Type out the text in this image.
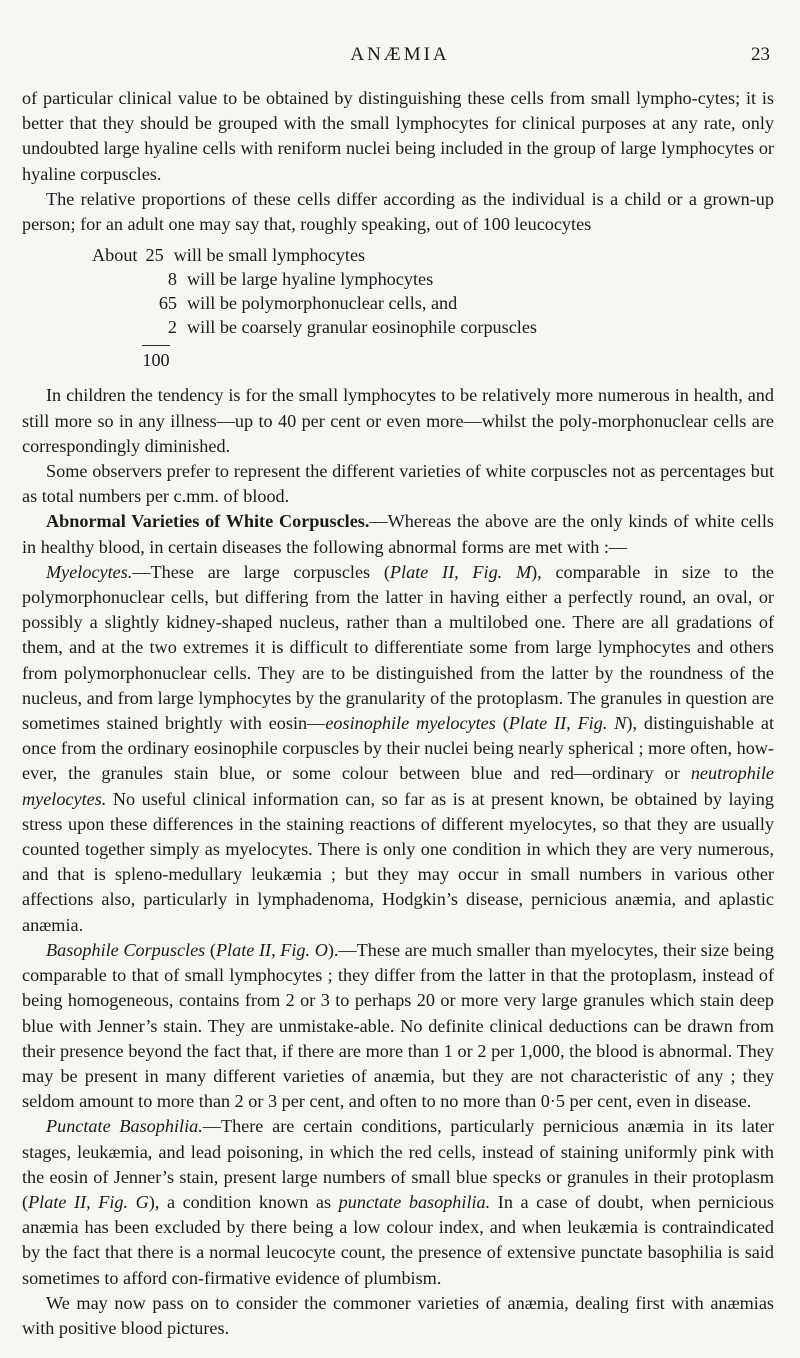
ANÆMIA	23

of particular clinical value to be obtained by distinguishing these cells from small lympho-cytes; it is better that they should be grouped with the small lymphocytes for clinical purposes at any rate, only undoubted large hyaline cells with reniform nuclei being included in the group of large lymphocytes or hyaline corpuscles.

The relative proportions of these cells differ according as the individual is a child or a grown-up person; for an adult one may say that, roughly speaking, out of 100 leucocytes

About 25 will be small lymphocytes
8 will be large hyaline lymphocytes
65 will be polymorphonuclear cells, and
2 will be coarsely granular eosinophile corpuscles
100

In children the tendency is for the small lymphocytes to be relatively more numerous in health, and still more so in any illness—up to 40 per cent or even more—whilst the poly-morphonuclear cells are correspondingly diminished.

Some observers prefer to represent the different varieties of white corpuscles not as percentages but as total numbers per c.mm. of blood.

Abnormal Varieties of White Corpuscles.—Whereas the above are the only kinds of white cells in healthy blood, in certain diseases the following abnormal forms are met with :—

Myelocytes.—These are large corpuscles (Plate II, Fig. M), comparable in size to the polymorphonuclear cells, but differing from the latter in having either a perfectly round, an oval, or possibly a slightly kidney-shaped nucleus, rather than a multilobed one. There are all gradations of them, and at the two extremes it is difficult to differentiate some from large lymphocytes and others from polymorphonuclear cells. They are to be distinguished from the latter by the roundness of the nucleus, and from large lymphocytes by the granularity of the protoplasm. The granules in question are sometimes stained brightly with eosin—eosinophile myelocytes (Plate II, Fig. N), distinguishable at once from the ordinary eosinophile corpuscles by their nuclei being nearly spherical ; more often, how-ever, the granules stain blue, or some colour between blue and red—ordinary or neutrophile myelocytes. No useful clinical information can, so far as is at present known, be obtained by laying stress upon these differences in the staining reactions of different myelocytes, so that they are usually counted together simply as myelocytes. There is only one condition in which they are very numerous, and that is spleno-medullary leukæmia ; but they may occur in small numbers in various other affections also, particularly in lymphadenoma, Hodgkin’s disease, pernicious anæmia, and aplastic anæmia.

Basophile Corpuscles (Plate II, Fig. O).—These are much smaller than myelocytes, their size being comparable to that of small lymphocytes ; they differ from the latter in that the protoplasm, instead of being homogeneous, contains from 2 or 3 to perhaps 20 or more very large granules which stain deep blue with Jenner’s stain. They are unmistake-able. No definite clinical deductions can be drawn from their presence beyond the fact that, if there are more than 1 or 2 per 1,000, the blood is abnormal. They may be present in many different varieties of anæmia, but they are not characteristic of any ; they seldom amount to more than 2 or 3 per cent, and often to no more than 0·5 per cent, even in disease.

Punctate Basophilia.—There are certain conditions, particularly pernicious anæmia in its later stages, leukæmia, and lead poisoning, in which the red cells, instead of staining uniformly pink with the eosin of Jenner’s stain, present large numbers of small blue specks or granules in their protoplasm (Plate II, Fig. G), a condition known as punctate basophilia. In a case of doubt, when pernicious anæmia has been excluded by there being a low colour index, and when leukæmia is contraindicated by the fact that there is a normal leucocyte count, the presence of extensive punctate basophilia is said sometimes to afford con-firmative evidence of plumbism.

We may now pass on to consider the commoner varieties of anæmia, dealing first with anæmias with positive blood pictures.
